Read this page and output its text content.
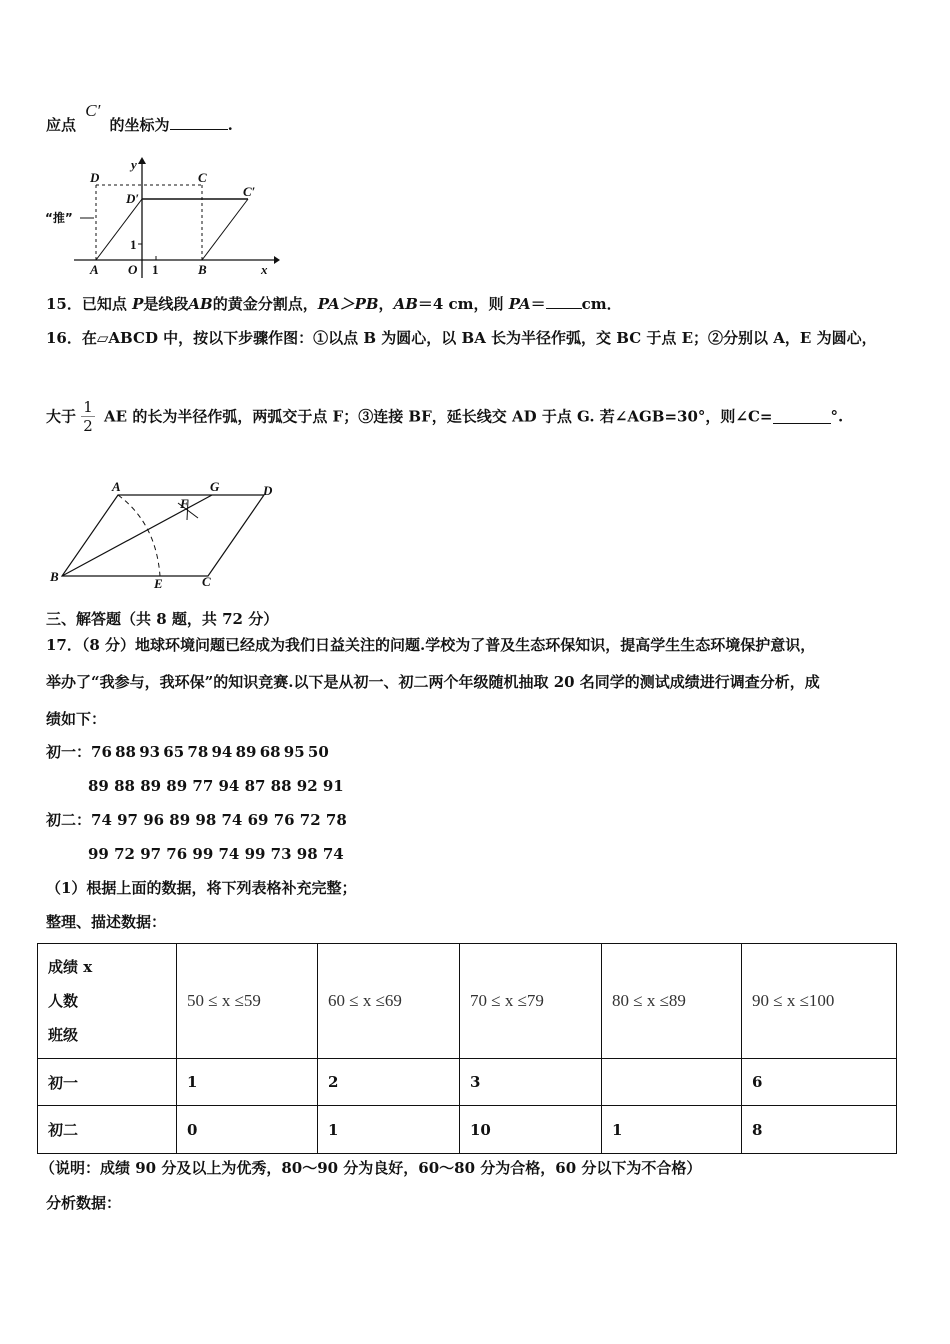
应点 C′ 的坐标为	.
“推”
D	C
D′	C′
A O	B
y
x
1
1
15．已知点 P是线段AB的黄金分割点，PA＞PB，AB＝4 cm，则 PA＝ cm．
16．在▱ABCD 中，按以下步骤作图：①以点 B 为圆心，以 BA 长为半径作弧，交 BC 于点 E；②分别以 A，E 为圆心，
大于 $\frac{1}{2}$ AE 的长为半径作弧，两弧交于点 F；③连接 BF，延长线交 AD 于点 G. 若∠AGB=30°，则∠C=	°.
A	G	D
F
B	E	C
三、解答题（共 8 题，共 72 分）
17．（8 分）地球环境问题已经成为我们日益关注的问题.学校为了普及生态环保知识，提高学生生态环境保护意识，
举办了“我参与，我环保”的知识竞赛.以下是从初一、初二两个年级随机抽取 20 名同学的测试成绩进行调查分析，成
绩如下：
初一：76 88 93 65 78 94 89 68 95 50
89 88 89 89 77 94 87 88 92 91
初二：74 97 96 89 98 74 69 76 72 78
99 72 97 76 99 74 99 73 98 74
（1）根据上面的数据，将下列表格补充完整；
整理、描述数据：
成绩 x
人数
班级	50 ≤ x ≤59	60 ≤ x ≤69	70 ≤ x ≤79	80 ≤ x ≤89	90 ≤ x ≤100
初一	1	2	3		6
初二	0	1	10	1	8
（说明：成绩 90 分及以上为优秀，80～90 分为良好，60～80 分为合格，60 分以下为不合格）
分析数据：
